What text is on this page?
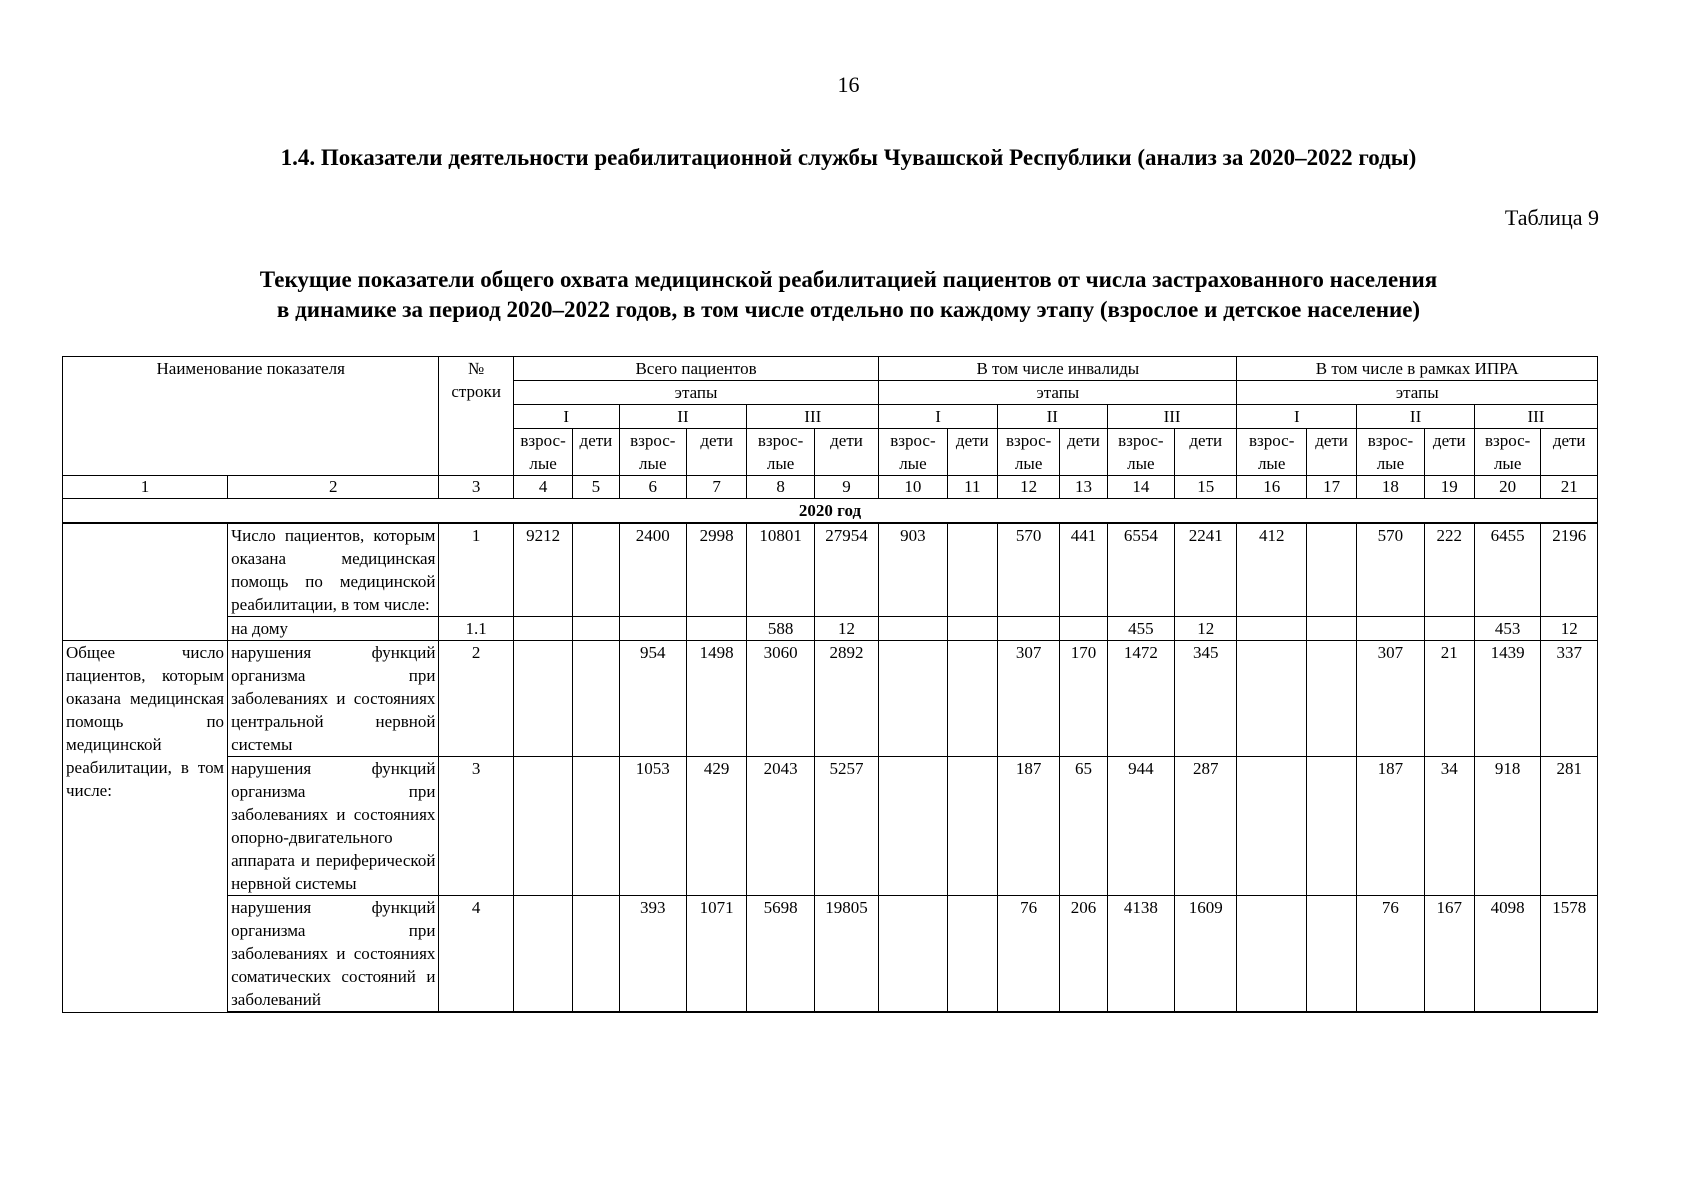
16
1.4. Показатели деятельности реабилитационной службы Чувашской Республики (анализ за 2020–2022 годы)
Таблица 9
Текущие показатели общего охвата медицинской реабилитацией пациентов от числа застрахованного населения
в динамике за период 2020–2022 годов, в том числе отдельно по каждому этапу (взрослое и детское население)
Наименование показателя		№ строки	Всего пациентов						В том числе инвалиды						В том числе в рамках ИПРА					
			этапы						этапы						этапы					
			I		II		III		I		II		III		I		II		III	
			взрос-лые	дети	взрос-лые	дети	взрос-лые	дети	взрос-лые	дети	взрос-лые	дети	взрос-лые	дети	взрос-лые	дети	взрос-лые	дети	взрос-лые	дети
1	2	3	4	5	6	7	8	9	10	11	12	13	14	15	16	17	18	19	20	21
2020 год																				
	Число пациентов, которым оказана медицинская помощь по медицинской реабилитации, в том числе:	1	9212		2400	2998	10801	27954	903		570	441	6554	2241	412		570	222	6455	2196
	на дому	1.1					588	12					455	12					453	12
Общее число пациентов, которым оказана медицинская помощь по медицинской реабилитации, в том числе:	нарушения функций организма при заболеваниях и состояниях центральной нервной системы	2			954	1498	3060	2892			307	170	1472	345			307	21	1439	337
	нарушения функций организма при заболеваниях и состояниях опорно-двигательного аппарата и периферической нервной системы	3			1053	429	2043	5257			187	65	944	287			187	34	918	281
	нарушения функций организма при заболеваниях и состояниях соматических состояний и заболеваний	4			393	1071	5698	19805			76	206	4138	1609			76	167	4098	1578
